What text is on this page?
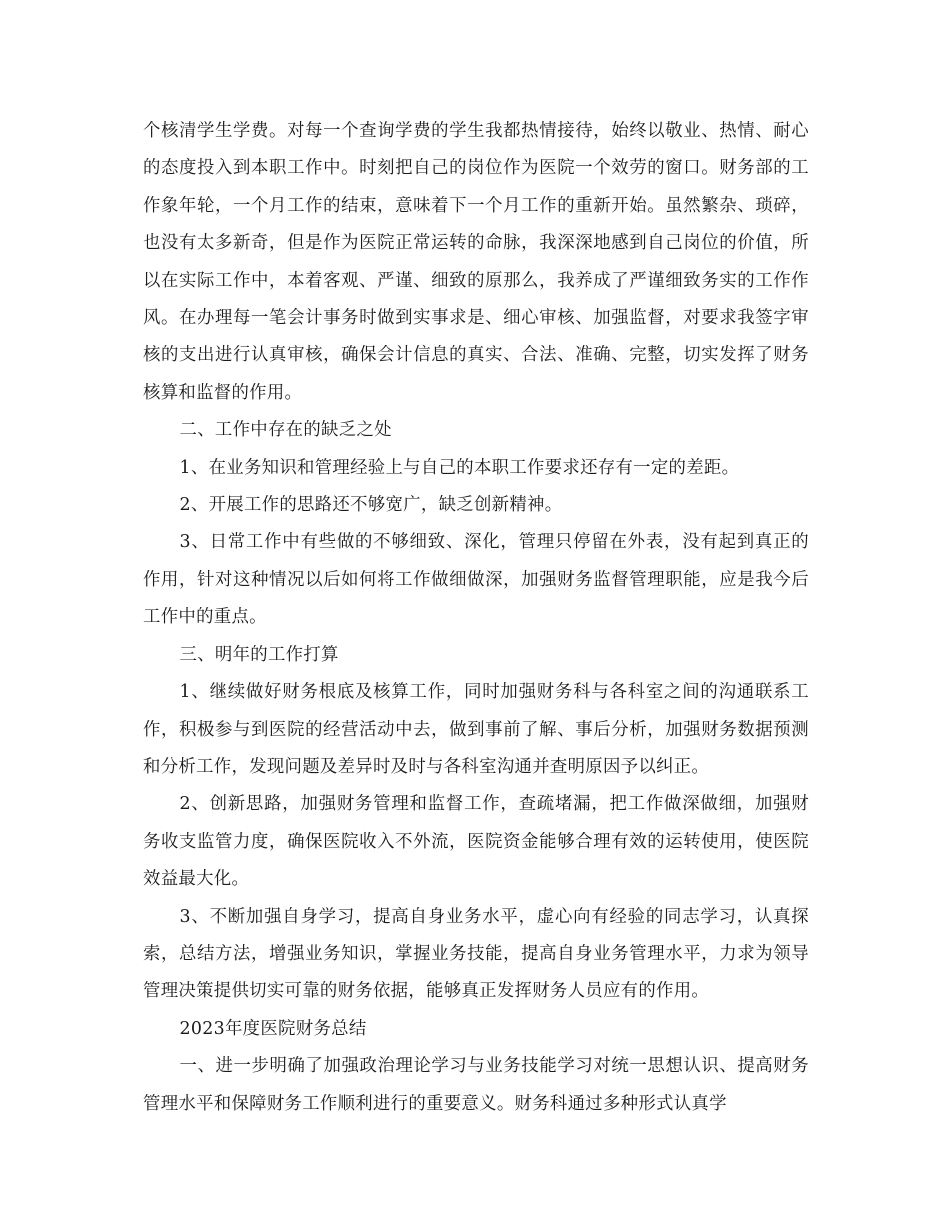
个核清学生学费。对每一个查询学费的学生我都热情接待，始终以敬业、热情、耐心的态度投入到本职工作中。时刻把自己的岗位作为医院一个效劳的窗口。财务部的工作象年轮，一个月工作的结束，意味着下一个月工作的重新开始。虽然繁杂、琐碎，也没有太多新奇，但是作为医院正常运转的命脉，我深深地感到自己岗位的价值，所以在实际工作中，本着客观、严谨、细致的原那么，我养成了严谨细致务实的工作作风。在办理每一笔会计事务时做到实事求是、细心审核、加强监督，对要求我签字审核的支出进行认真审核，确保会计信息的真实、合法、准确、完整，切实发挥了财务核算和监督的作用。

二、工作中存在的缺乏之处

1、在业务知识和管理经验上与自己的本职工作要求还存有一定的差距。

2、开展工作的思路还不够宽广，缺乏创新精神。

3、日常工作中有些做的不够细致、深化，管理只停留在外表，没有起到真正的作用，针对这种情况以后如何将工作做细做深，加强财务监督管理职能，应是我今后工作中的重点。

三、明年的工作打算

1、继续做好财务根底及核算工作，同时加强财务科与各科室之间的沟通联系工作，积极参与到医院的经营活动中去，做到事前了解、事后分析，加强财务数据预测和分析工作，发现问题及差异时及时与各科室沟通并查明原因予以纠正。

2、创新思路，加强财务管理和监督工作，查疏堵漏，把工作做深做细，加强财务收支监管力度，确保医院收入不外流，医院资金能够合理有效的运转使用，使医院效益最大化。

3、不断加强自身学习，提高自身业务水平，虚心向有经验的同志学习，认真探索，总结方法，增强业务知识，掌握业务技能，提高自身业务管理水平，力求为领导管理决策提供切实可靠的财务依据，能够真正发挥财务人员应有的作用。

2023年度医院财务总结

一、进一步明确了加强政治理论学习与业务技能学习对统一思想认识、提高财务管理水平和保障财务工作顺利进行的重要意义。财务科通过多种形式认真学
